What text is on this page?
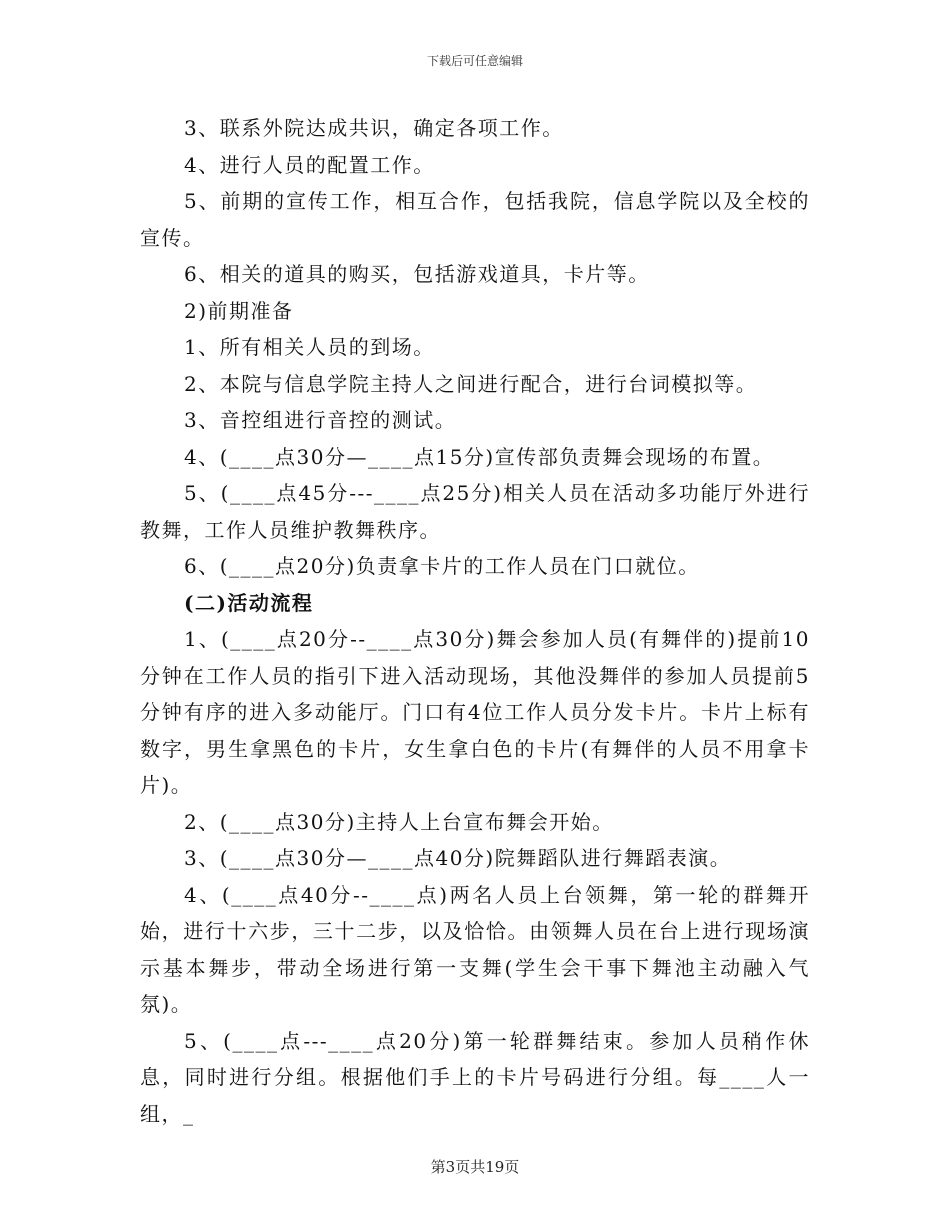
下载后可任意编辑

3、联系外院达成共识，确定各项工作。

4、进行人员的配置工作。

5、前期的宣传工作，相互合作，包括我院，信息学院以及全校的宣传。

6、相关的道具的购买，包括游戏道具，卡片等。

2)前期准备

1、所有相关人员的到场。

2、本院与信息学院主持人之间进行配合，进行台词模拟等。

3、音控组进行音控的测试。

4、(____点30分—____点15分)宣传部负责舞会现场的布置。

5、(____点45分---____点25分)相关人员在活动多功能厅外进行教舞，工作人员维护教舞秩序。

6、(____点20分)负责拿卡片的工作人员在门口就位。

(二)活动流程

1、(____点20分--____点30分)舞会参加人员(有舞伴的)提前10分钟在工作人员的指引下进入活动现场，其他没舞伴的参加人员提前5分钟有序的进入多动能厅。门口有4位工作人员分发卡片。卡片上标有数字，男生拿黑色的卡片，女生拿白色的卡片(有舞伴的人员不用拿卡片)。

2、(____点30分)主持人上台宣布舞会开始。

3、(____点30分—____点40分)院舞蹈队进行舞蹈表演。

4、(____点40分--____点)两名人员上台领舞，第一轮的群舞开始，进行十六步，三十二步，以及恰恰。由领舞人员在台上进行现场演示基本舞步，带动全场进行第一支舞(学生会干事下舞池主动融入气氛)。

5、(____点---____点20分)第一轮群舞结束。参加人员稍作休息，同时进行分组。根据他们手上的卡片号码进行分组。每____人一组，_

第3页共19页
